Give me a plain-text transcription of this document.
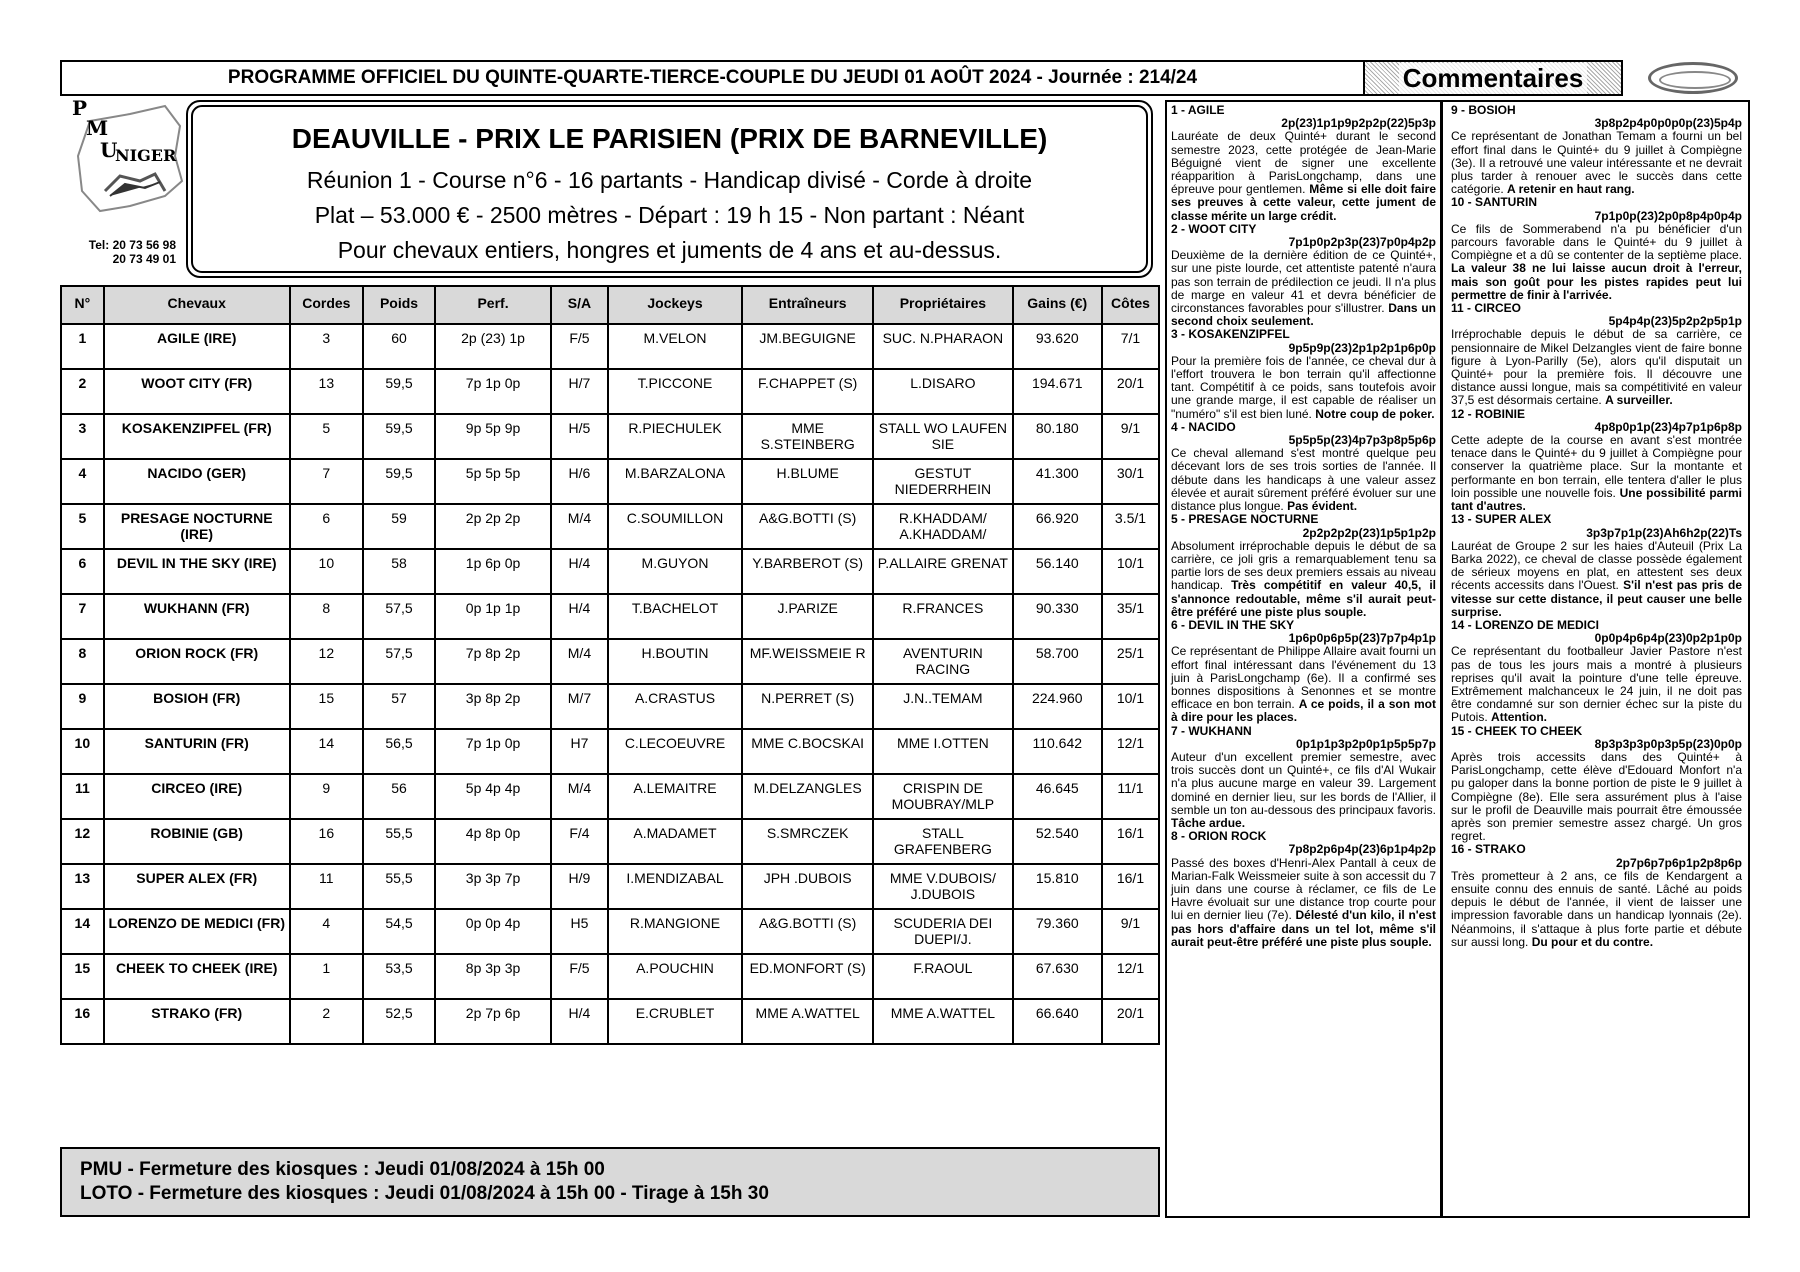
PROGRAMME OFFICIEL DU QUINTE-QUARTE-TIERCE-COUPLE DU JEUDI 01 AOÛT 2024 - Journée : 214/24	Commentaires
P
M
U
NIGER
Tel: 20 73 56 98
20 73 49 01
DEAUVILLE - PRIX LE PARISIEN (PRIX DE BARNEVILLE)
Réunion 1 - Course n°6 - 16 partants - Handicap divisé - Corde à droite
Plat – 53.000 € - 2500 mètres - Départ : 19 h 15 - Non partant : Néant
Pour chevaux entiers, hongres et juments de 4 ans et au-dessus.
N°	Chevaux	Cordes	Poids	Perf.	S/A	Jockeys	Entraîneurs	Propriétaires	Gains (€)	Côtes
1	AGILE (IRE)	3	60	2p (23) 1p	F/5	M.VELON	JM.BEGUIGNE	SUC. N.PHARAON	93.620	7/1
2	WOOT CITY (FR)	13	59,5	7p 1p 0p	H/7	T.PICCONE	F.CHAPPET (S)	L.DISARO	194.671	20/1
3	KOSAKENZIPFEL (FR)	5	59,5	9p 5p 9p	H/5	R.PIECHULEK	MME S.STEINBERG	STALL WO LAUFEN SIE	80.180	9/1
4	NACIDO (GER)	7	59,5	5p 5p 5p	H/6	M.BARZALONA	H.BLUME	GESTUT NIEDERRHEIN	41.300	30/1
5	PRESAGE NOCTURNE (IRE)	6	59	2p 2p 2p	M/4	C.SOUMILLON	A&G.BOTTI (S)	R.KHADDAM/ A.KHADDAM/	66.920	3.5/1
6	DEVIL IN THE SKY (IRE)	10	58	1p 6p 0p	H/4	M.GUYON	Y.BARBEROT (S)	P.ALLAIRE GRENAT	56.140	10/1
7	WUKHANN (FR)	8	57,5	0p 1p 1p	H/4	T.BACHELOT	J.PARIZE	R.FRANCES	90.330	35/1
8	ORION ROCK (FR)	12	57,5	7p 8p 2p	M/4	H.BOUTIN	MF.WEISSMEIE R	AVENTURIN RACING	58.700	25/1
9	BOSIOH (FR)	15	57	3p 8p 2p	M/7	A.CRASTUS	N.PERRET (S)	J.N..TEMAM	224.960	10/1
10	SANTURIN (FR)	14	56,5	7p 1p 0p	H7	C.LECOEUVRE	MME C.BOCSKAI	MME I.OTTEN	110.642	12/1
11	CIRCEO (IRE)	9	56	5p 4p 4p	M/4	A.LEMAITRE	M.DELZANGLES	CRISPIN DE MOUBRAY/MLP	46.645	11/1
12	ROBINIE (GB)	16	55,5	4p 8p 0p	F/4	A.MADAMET	S.SMRCZEK	STALL GRAFENBERG	52.540	16/1
13	SUPER ALEX (FR)	11	55,5	3p 3p 7p	H/9	I.MENDIZABAL	JPH .DUBOIS	MME V.DUBOIS/ J.DUBOIS	15.810	16/1
14	LORENZO DE MEDICI (FR)	4	54,5	0p 0p 4p	H5	R.MANGIONE	A&G.BOTTI (S)	SCUDERIA DEI DUEPI/J.	79.360	9/1
15	CHEEK TO CHEEK (IRE)	1	53,5	8p 3p 3p	F/5	A.POUCHIN	ED.MONFORT (S)	F.RAOUL	67.630	12/1
16	STRAKO (FR)	2	52,5	2p 7p 6p	H/4	E.CRUBLET	MME A.WATTEL	MME A.WATTEL	66.640	20/1
PMU - Fermeture des kiosques : Jeudi 01/08/2024 à 15h 00
LOTO - Fermeture des kiosques : Jeudi 01/08/2024 à 15h 00 - Tirage à 15h 30
1 - AGILE
2p(23)1p1p9p2p2p(22)5p3p
Lauréate de deux Quinté+ durant le second semestre 2023, cette protégée de Jean-Marie Béguigné vient de signer une excellente réapparition à ParisLongchamp, dans une épreuve pour gentlemen. Même si elle doit faire ses preuves à cette valeur, cette jument de classe mérite un large crédit.
2 - WOOT CITY
7p1p0p2p3p(23)7p0p4p2p
Deuxième de la dernière édition de ce Quinté+, sur une piste lourde, cet attentiste patenté n'aura pas son terrain de prédilection ce jeudi. Il n'a plus de marge en valeur 41 et devra bénéficier de circonstances favorables pour s'illustrer. Dans un second choix seulement.
3 - KOSAKENZIPFEL
9p5p9p(23)2p1p2p1p6p0p
Pour la première fois de l'année, ce cheval dur à l'effort trouvera le bon terrain qu'il affectionne tant. Compétitif à ce poids, sans toutefois avoir une grande marge, il est capable de réaliser un "numéro" s'il est bien luné. Notre coup de poker.
4 - NACIDO
5p5p5p(23)4p7p3p8p5p6p
Ce cheval allemand s'est montré quelque peu décevant lors de ses trois sorties de l'année. Il débute dans les handicaps à une valeur assez élevée et aurait sûrement préféré évoluer sur une distance plus longue. Pas évident.
5 - PRESAGE NOCTURNE
2p2p2p2p(23)1p5p1p2p
Absolument irréprochable depuis le début de sa carrière, ce joli gris a remarquablement tenu sa partie lors de ses deux premiers essais au niveau handicap. Très compétitif en valeur 40,5, il s'annonce redoutable, même s'il aurait peut-être préféré une piste plus souple.
6 - DEVIL IN THE SKY
1p6p0p6p5p(23)7p7p4p1p
Ce représentant de Philippe Allaire avait fourni un effort final intéressant dans l'événement du 13 juin à ParisLongchamp (6e). Il a confirmé ses bonnes dispositions à Senonnes et se montre efficace en bon terrain. A ce poids, il a son mot à dire pour les places.
7 - WUKHANN
0p1p1p3p2p0p1p5p5p7p
Auteur d'un excellent premier semestre, avec trois succès dont un Quinté+, ce fils d'Al Wukair n'a plus aucune marge en valeur 39. Largement dominé en dernier lieu, sur les bords de l'Allier, il semble un ton au-dessous des principaux favoris. Tâche ardue.
8 - ORION ROCK
7p8p2p6p4p(23)6p1p4p2p
Passé des boxes d'Henri-Alex Pantall à ceux de Marian-Falk Weissmeier suite à son accessit du 7 juin dans une course à réclamer, ce fils de Le Havre évoluait sur une distance trop courte pour lui en dernier lieu (7e). Délesté d'un kilo, il n'est pas hors d'affaire dans un tel lot, même s'il aurait peut-être préféré une piste plus souple.
9 - BOSIOH
3p8p2p4p0p0p0p(23)5p4p
Ce représentant de Jonathan Temam a fourni un bel effort final dans le Quinté+ du 9 juillet à Compiègne (3e). Il a retrouvé une valeur intéressante et ne devrait plus tarder à renouer avec le succès dans cette catégorie. A retenir en haut rang.
10 - SANTURIN
7p1p0p(23)2p0p8p4p0p4p
Ce fils de Sommerabend n'a pu bénéficier d'un parcours favorable dans le Quinté+ du 9 juillet à Compiègne et a dû se contenter de la septième place. La valeur 38 ne lui laisse aucun droit à l'erreur, mais son goût pour les pistes rapides peut lui permettre de finir à l'arrivée.
11 - CIRCEO
5p4p4p(23)5p2p2p5p1p
Irréprochable depuis le début de sa carrière, ce pensionnaire de Mikel Delzangles vient de faire bonne figure à Lyon-Parilly (5e), alors qu'il disputait un Quinté+ pour la première fois. Il découvre une distance aussi longue, mais sa compétitivité en valeur 37,5 est désormais certaine. A surveiller.
12 - ROBINIE
4p8p0p1p(23)4p7p1p6p8p
Cette adepte de la course en avant s'est montrée tenace dans le Quinté+ du 9 juillet à Compiègne pour conserver la quatrième place. Sur la montante et performante en bon terrain, elle tentera d'aller le plus loin possible une nouvelle fois. Une possibilité parmi tant d'autres.
13 - SUPER ALEX
3p3p7p1p(23)Ah6h2p(22)Ts
Lauréat de Groupe 2 sur les haies d'Auteuil (Prix La Barka 2022), ce cheval de classe possède également de sérieux moyens en plat, en attestent ses deux récents accessits dans l'Ouest. S'il n'est pas pris de vitesse sur cette distance, il peut causer une belle surprise.
14 - LORENZO DE MEDICI
0p0p4p6p4p(23)0p2p1p0p
Ce représentant du footballeur Javier Pastore n'est pas de tous les jours mais a montré à plusieurs reprises qu'il avait la pointure d'une telle épreuve. Extrêmement malchanceux le 24 juin, il ne doit pas être condamné sur son dernier échec sur la piste du Putois. Attention.
15 - CHEEK TO CHEEK
8p3p3p3p0p3p5p(23)0p0p
Après trois accessits dans des Quinté+ à ParisLongchamp, cette élève d'Edouard Monfort n'a pu galoper dans la bonne portion de piste le 9 juillet à Compiègne (8e). Elle sera assurément plus à l'aise sur le profil de Deauville mais pourrait être émoussée après son premier semestre assez chargé. Un gros regret.
16 - STRAKO
2p7p6p7p6p1p2p8p6p
Très prometteur à 2 ans, ce fils de Kendargent a ensuite connu des ennuis de santé. Lâché au poids depuis le début de l'année, il vient de laisser une impression favorable dans un handicap lyonnais (2e). Néanmoins, il s'attaque à plus forte partie et débute sur aussi long. Du pour et du contre.
